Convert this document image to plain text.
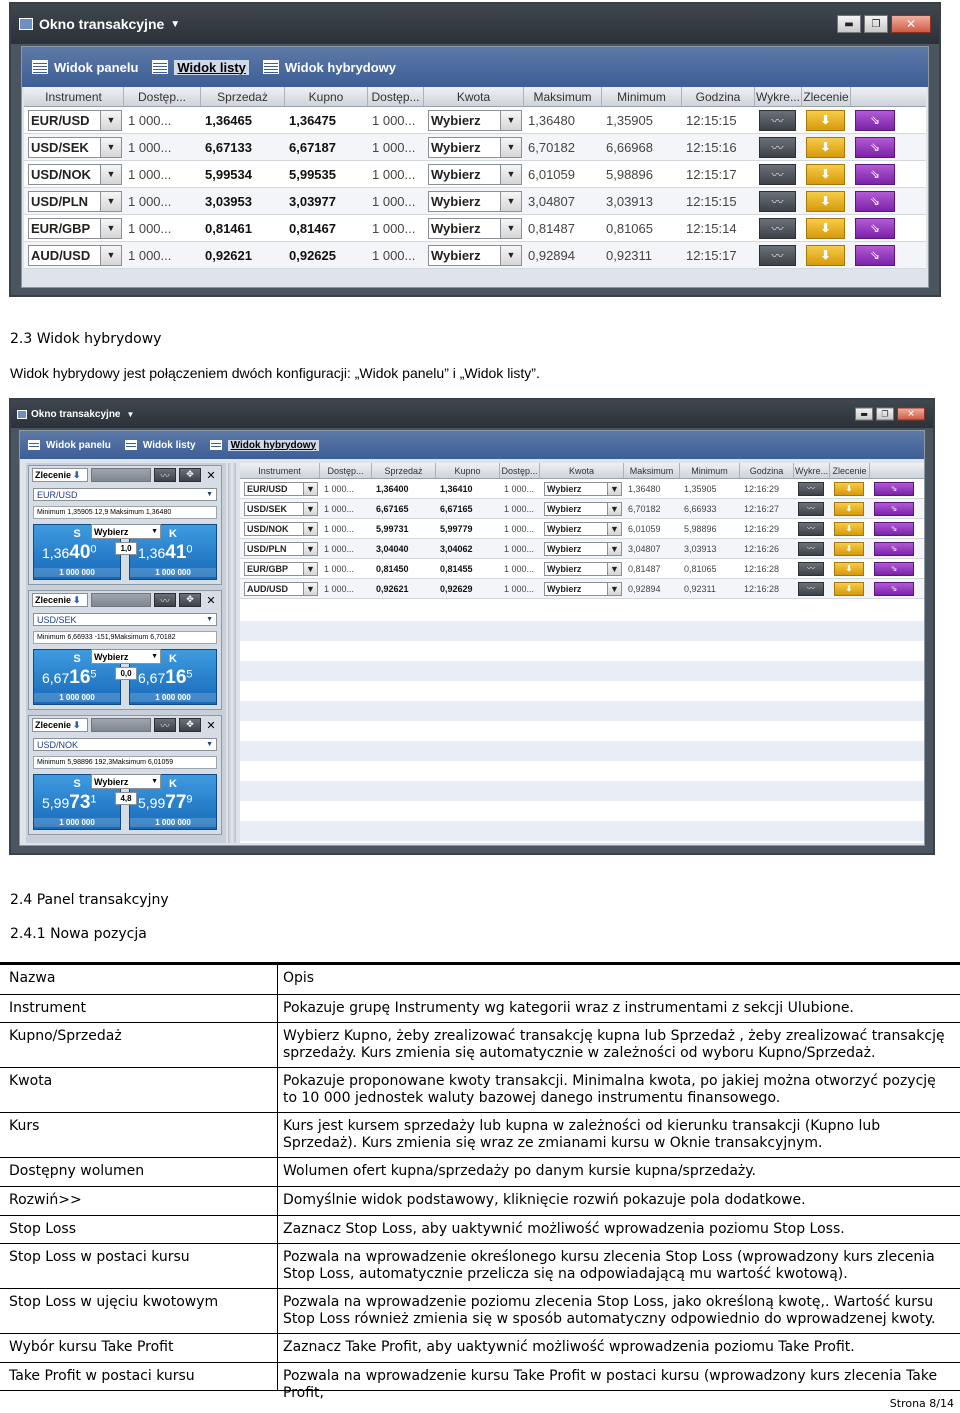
Okno transakcyjne ▼	▬	❐	✕
Widok panelu	Widok listy	Widok hybrydowy
Instrument	Dostęp...	Sprzedaż	Kupno	Dostęp...	Kwota	Maksimum	Minimum	Godzina	Wykre... Zlecenie
EUR/USD	▼ 1 000...	1,36465	1,36475	1 000...	Wybierz	▼ 1,36480	1,35905	12:15:15	〰	⬇	⇘
USD/SEK	▼ 1 000...	6,67133	6,67187	1 000...	Wybierz	▼ 6,70182	6,66968	12:15:16	〰	⬇	⇘
USD/NOK	▼ 1 000...	5,99534	5,99535	1 000...	Wybierz	▼ 6,01059	5,98896	12:15:17	〰	⬇	⇘
USD/PLN	▼ 1 000...	3,03953	3,03977	1 000...	Wybierz	▼ 3,04807	3,03913	12:15:15	〰	⬇	⇘
EUR/GBP	▼ 1 000...	0,81461	0,81467	1 000...	Wybierz	▼ 0,81487	0,81065	12:15:14	〰	⬇	⇘
AUD/USD	▼ 1 000...	0,92621	0,92625	1 000...	Wybierz	▼ 0,92894	0,92311	12:15:17	〰	⬇	⇘
2.3 Widok hybrydowy
Widok hybrydowy jest połączeniem dwóch konfiguracji: „Widok panelu” i „Widok listy”.
Okno transakcyjne ▼	▬	❐	✕
Widok panelu	Widok listy	Widok hybrydowy
Zlecenie ⬇	〰	✥	✕
EUR/USD	▼
Minimum 1,35905 12,9 Maksimum 1,36480
S
1,3640$^0$
1 000 000
K
1,3641$^0$
1 000 000
Wybierz	▼
1,0
Zlecenie ⬇	〰	✥	✕
USD/SEK	▼
Minimum 6,66933 -151,9Maksimum 6,70182
S
6,6716$^5$
1 000 000
K
6,6716$^5$
1 000 000
Wybierz	▼
0,0
Zlecenie ⬇	〰	✥	✕
USD/NOK	▼
Minimum 5,98896 192,3Maksimum 6,01059
S
5,9973$^1$
1 000 000
K
5,9977$^9$
1 000 000
Wybierz	▼
4,8
Instrument	Dostęp...	Sprzedaż	Kupno	Dostęp...	Kwota	Maksimum	Minimum	Godzina	Wykre... Zlecenie
EUR/USD	▼	1 000...	1,36400	1,36410	1 000...	Wybierz	▼	1,36480	1,35905	12:16:29	〰	⬇	⇘
USD/SEK	▼	1 000...	6,67165	6,67165	1 000...	Wybierz	▼	6,70182	6,66933	12:16:27	〰	⬇	⇘
USD/NOK	▼	1 000...	5,99731	5,99779	1 000...	Wybierz	▼	6,01059	5,98896	12:16:29	〰	⬇	⇘
USD/PLN	▼	1 000...	3,04040	3,04062	1 000...	Wybierz	▼	3,04807	3,03913	12:16:26	〰	⬇	⇘
EUR/GBP	▼	1 000...	0,81450	0,81455	1 000...	Wybierz	▼	0,81487	0,81065	12:16:28	〰	⬇	⇘
AUD/USD	▼	1 000...	0,92621	0,92629	1 000...	Wybierz	▼	0,92894	0,92311	12:16:28	〰	⬇	⇘
2.4 Panel transakcyjny
2.4.1 Nowa pozycja
Nazwa	Opis
Instrument	Pokazuje grupę Instrumenty wg kategorii wraz z instrumentami z sekcji Ulubione.
Kupno/Sprzedaż	Wybierz Kupno, żeby zrealizować transakcję kupna lub Sprzedaż , żeby zrealizować transakcję sprzedaży. Kurs zmienia się automatycznie w zależności od wyboru Kupno/Sprzedaż.
Kwota	Pokazuje proponowane kwoty transakcji. Minimalna kwota, po jakiej można otworzyć pozycję to 10 000 jednostek waluty bazowej danego instrumentu finansowego.
Kurs	Kurs jest kursem sprzedaży lub kupna w zależności od kierunku transakcji (Kupno lub Sprzedaż). Kurs zmienia się wraz ze zmianami kursu w Oknie transakcyjnym.
Dostępny wolumen	Wolumen ofert kupna/sprzedaży po danym kursie kupna/sprzedaży.
Rozwiń>>	Domyślnie widok podstawowy, kliknięcie rozwiń pokazuje pola dodatkowe.
Stop Loss	Zaznacz Stop Loss, aby uaktywnić możliwość wprowadzenia poziomu Stop Loss.
Stop Loss w postaci kursu	Pozwala na wprowadzenie określonego kursu zlecenia Stop Loss (wprowadzony kurs zlecenia Stop Loss, automatycznie przelicza się na odpowiadającą mu wartość kwotową).
Stop Loss w ujęciu kwotowym	Pozwala na wprowadzenie poziomu zlecenia Stop Loss, jako określoną kwotę,. Wartość kursu Stop Loss również zmienia się w sposób automatyczny odpowiednio do wprowadzenej kwoty.
Wybór kursu Take Profit	Zaznacz Take Profit, aby uaktywnić możliwość wprowadzenia poziomu Take Profit.
Take Profit w postaci kursu	Pozwala na wprowadzenie kursu Take Profit w postaci kursu (wprowadzony kurs zlecenia Take Profit,
Strona 8/14
